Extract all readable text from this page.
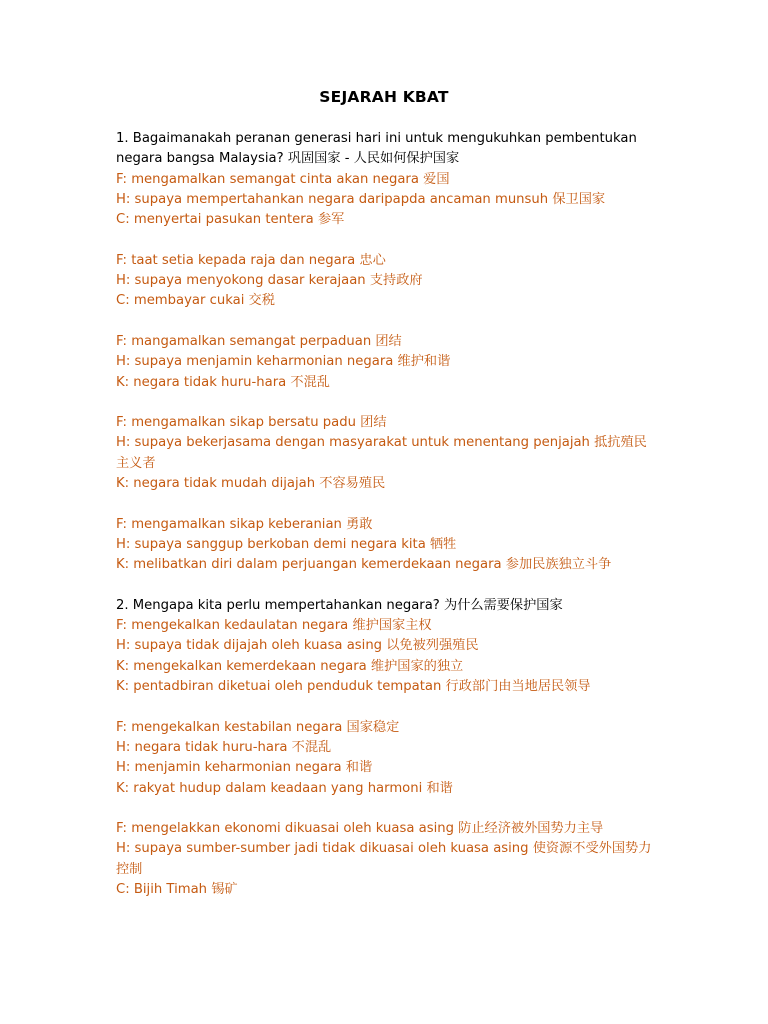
SEJARAH KBAT

1. Bagaimanakah peranan generasi hari ini untuk mengukuhkan pembentukan negara bangsa Malaysia? 巩固国家 - 人民如何保护国家

F: mengamalkan semangat cinta akan negara 爱国

H: supaya mempertahankan negara daripapda ancaman munsuh 保卫国家

C: menyertai pasukan tentera 参军

F: taat setia kepada raja dan negara 忠心

H: supaya menyokong dasar kerajaan 支持政府

C: membayar cukai 交税

F: mangamalkan semangat perpaduan 团结

H: supaya menjamin keharmonian negara 维护和谐

K: negara tidak huru-hara 不混乱

F: mengamalkan sikap bersatu padu 团结

H: supaya bekerjasama dengan masyarakat untuk menentang penjajah 抵抗殖民主义者

K: negara tidak mudah dijajah 不容易殖民

F: mengamalkan sikap keberanian 勇敢

H: supaya sanggup berkoban demi negara kita 牺牲

K: melibatkan diri dalam perjuangan kemerdekaan negara 参加民族独立斗争

2. Mengapa kita perlu mempertahankan negara? 为什么需要保护国家

F: mengekalkan kedaulatan negara 维护国家主权

H: supaya tidak dijajah oleh kuasa asing 以免被列强殖民

K: mengekalkan kemerdekaan negara 维护国家的独立

K: pentadbiran diketuai oleh penduduk tempatan 行政部门由当地居民领导

F: mengekalkan kestabilan negara 国家稳定

H: negara tidak huru-hara 不混乱

H: menjamin keharmonian negara 和谐

K: rakyat hudup dalam keadaan yang harmoni 和谐

F: mengelakkan ekonomi dikuasai oleh kuasa asing 防止经济被外国势力主导

H: supaya sumber-sumber jadi tidak dikuasai oleh kuasa asing 使资源不受外国势力控制

C: Bijih Timah 锡矿
